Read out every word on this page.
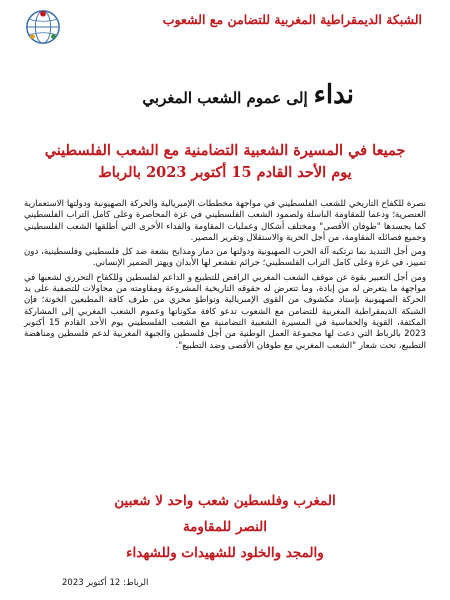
الشبكة الديمقراطية المغربية للتضامن مع الشعوب
نداءإلى عموم الشعب المغربي
جميعا في المسيرة الشعبية التضامنية مع الشعب الفلسطيني
يوم الأحد القادم 15 أكتوبر 2023 بالرباط

نصرة للكفاح التاريخي للشعب الفلسطيني في مواجهة مخططات الإمبريالية والحركة الصهيونية ودولتها الاستعمارية العنصرية؛ ودعما للمقاومة الباسلة ولصمود الشعب الفلسطيني في غزة المحاصرة وعلى كامل التراب الفلسطيني كما يجسدها "طوفان الأقصى" ومختلف أشكال وعمليات المقاومة والفداء الأخرى التي أطلقها الشعب الفلسطيني وجميع فصائله المقاومة، من أجل الحرية والاستقلال وتقرير المصير.

ومن أجل التنديد بما ترتكبه آلة الحرب الصهيونية ودولتها من دمار ومذابح بشعة ضد كل فلسطيني وفلسطينية، دون تمييز، في غزة وعلى كامل التراب الفلسطيني؛ جرائم تقشعر لها الأبدان ويهتز الضمير الإنساني.

ومن أجل التعبير بقوة عن موقف الشعب المغربي الرافض للتطبيع و الداعم لفلسطين وللكفاح التحرري لشعبها في مواجهة ما يتعرض له من إبادة، وما تتعرض له حقوقه التاريخية المشروعة ومقاومته من محاولات للتصفية على يد الحركة الصهيونية بإسناد مكشوف من القوى الإمبريالية وتواطؤ مخزي من طرف كافة المطبعين الخونة؛ فإن الشبكة الديمقراطية المغربية للتضامن مع الشعوب تدعو كافة مكوناتها وعموم الشعب المغربي إلى المشاركة المكثفة، القوية والحماسية في المسيرة الشعبية التضامنية مع الشعب الفلسطيني يوم الأحد القادم 15 أكتوبر 2023 بالرباط التي دعت لها مجموعة العمل الوطنية من أجل فلسطين والجبهة المغربية لدعم فلسطين ومناهضة التطبيع، تحت شعار "الشعب المغربي مع طوفان الأقصى وضد التطبيع".

المغرب وفلسطين شعب واحد لا شعبين
النصر للمقاومة
والمجد والخلود للشهيدات وللشهداء
الرباط: 12 أكتوبر 2023
